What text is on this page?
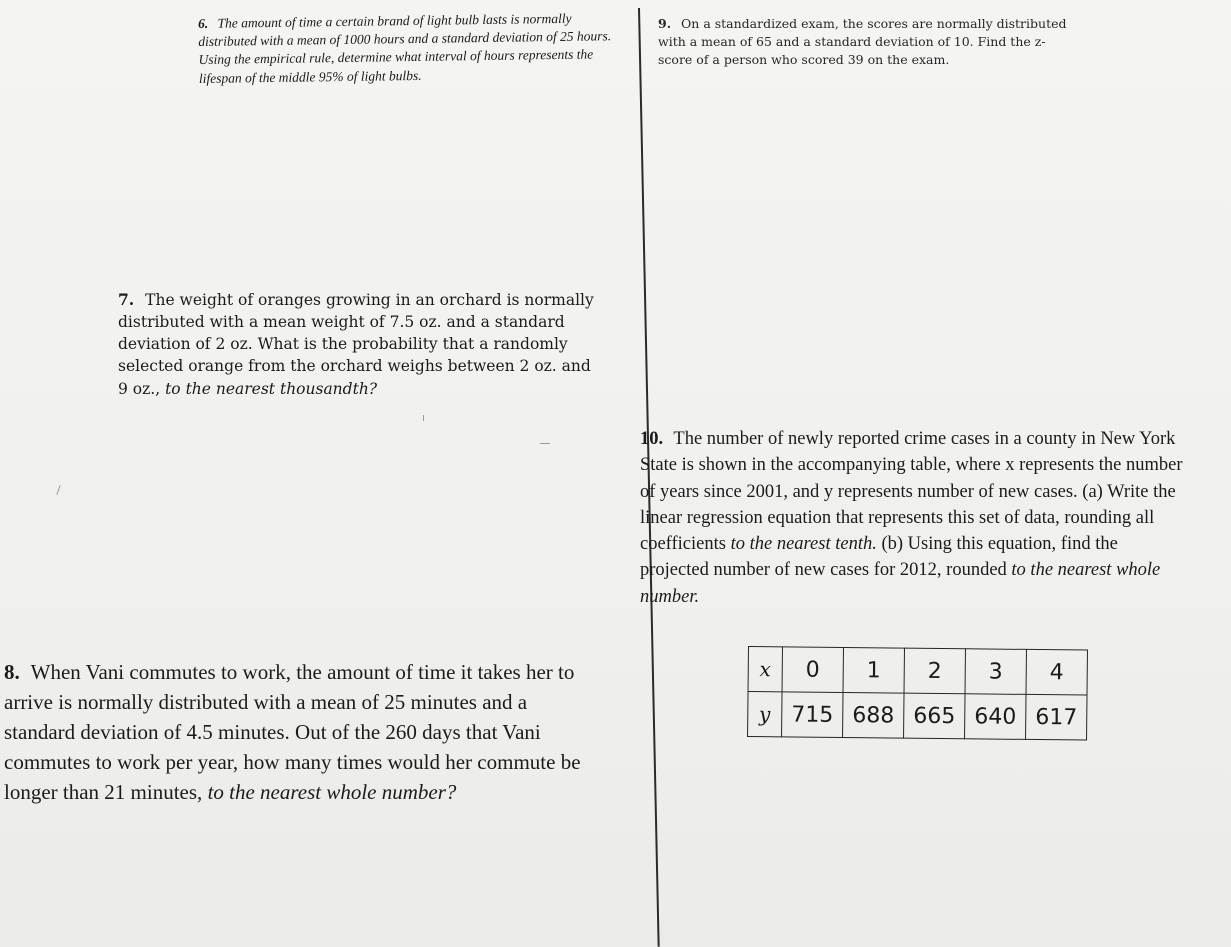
6. The amount of time a certain brand of light bulb lasts is normally distributed with a mean of 1000 hours and a standard deviation of 25 hours. Using the empirical rule, determine what interval of hours represents the lifespan of the middle 95% of light bulbs.

9. On a standardized exam, the scores are normally distributed with a mean of 65 and a standard deviation of 10. Find the z-score of a person who scored 39 on the exam.

7. The weight of oranges growing in an orchard is normally distributed with a mean weight of 7.5 oz. and a standard deviation of 2 oz. What is the probability that a randomly selected orange from the orchard weighs between 2 oz. and 9 oz., to the nearest thousandth?

10. The number of newly reported crime cases in a county in New York State is shown in the accompanying table, where x represents the number of years since 2001, and y represents number of new cases. (a) Write the linear regression equation that represents this set of data, rounding all coefficients to the nearest tenth. (b) Using this equation, find the projected number of new cases for 2012, rounded to the nearest whole number.

x	0	1	2	3	4
y	715	688	665	640	617

8. When Vani commutes to work, the amount of time it takes her to arrive is normally distributed with a mean of 25 minutes and a standard deviation of 4.5 minutes. Out of the 260 days that Vani commutes to work per year, how many times would her commute be longer than 21 minutes, to the nearest whole number?
